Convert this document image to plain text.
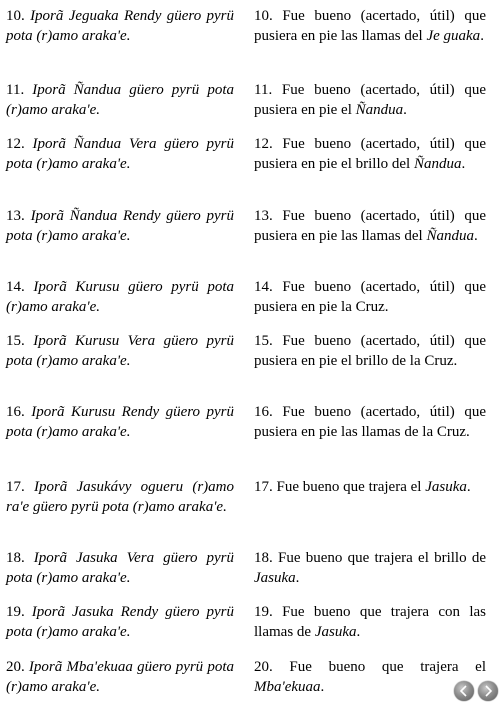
10. Iporã Jeguaka Rendy güero pyrü pota (r)amo araka'e.
11. Iporã Ñandua güero pyrü pota (r)amo araka'e.
12. Iporã Ñandua Vera güero pyrü pota (r)amo araka'e.
13. Iporã Ñandua Rendy güero pyrü pota (r)amo araka'e.
14. Iporã Kurusu güero pyrü pota (r)amo araka'e.
15. Iporã Kurusu Vera güero pyrü pota (r)amo araka'e.
16. Iporã Kurusu Rendy güero pyrü pota (r)amo araka'e.
17. Iporã Jasukávy ogueru (r)amo ra'e güero pyrü pota (r)amo araka'e.
18. Iporã Jasuka Vera güero pyrü pota (r)amo araka'e.
19. Iporã Jasuka Rendy güero pyrü pota (r)amo araka'e.
20. Iporã Mba'ekuaa güero pyrü pota (r)amo araka'e.
10. Fue bueno (acertado, útil) que pusiera en pie las llamas del Je guaka.
11. Fue bueno (acertado, útil) que pusiera en pie el Ñandua.
12. Fue bueno (acertado, útil) que pusiera en pie el brillo del Ñandua.
13. Fue bueno (acertado, útil) que pusiera en pie las llamas del Ñandua.
14. Fue bueno (acertado, útil) que pusiera en pie la Cruz.
15. Fue bueno (acertado, útil) que pusiera en pie el brillo de la Cruz.
16. Fue bueno (acertado, útil) que pusiera en pie las llamas de la Cruz.
17. Fue bueno que trajera el Jasuka.
18. Fue bueno que trajera el brillo de Jasuka.
19. Fue bueno que trajera con las llamas de Jasuka.
20. Fue bueno que trajera el Mba'ekuaa.
